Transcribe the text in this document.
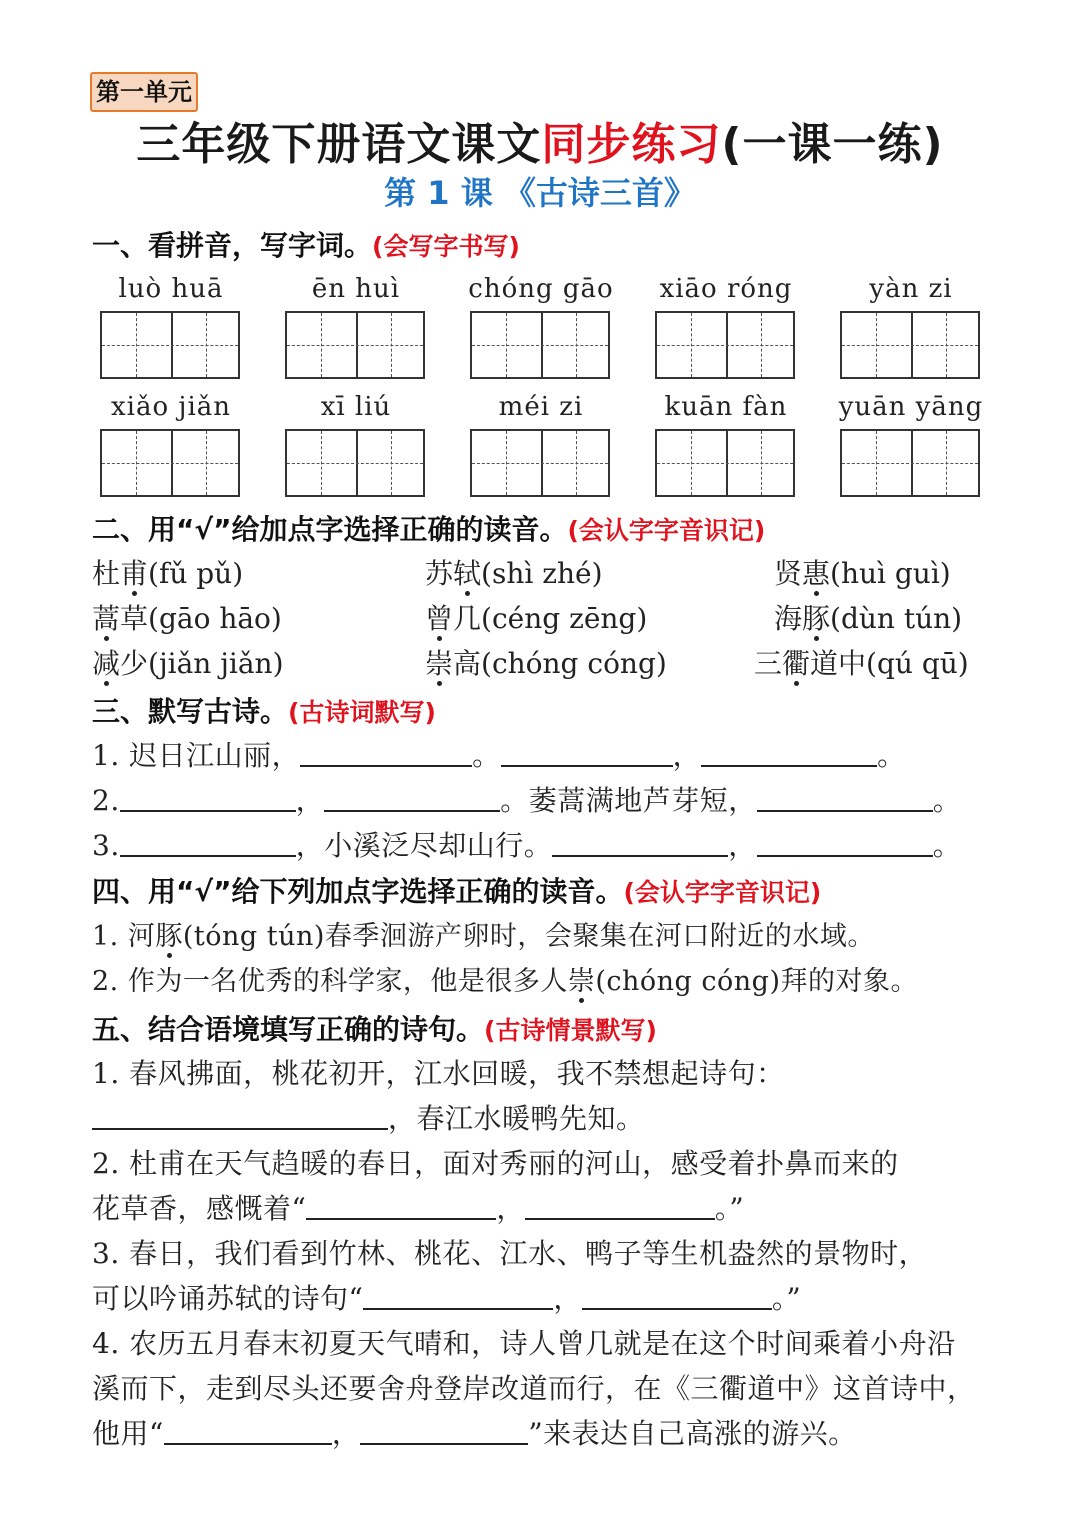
第一单元
三年级下册语文课文同步练习(一课一练)
第 1 课 《古诗三首》
一、看拼音，写字词。(会写字书写)
luò huā	ēn huì	chóng gāo	xiāo róng	yàn zi
xiǎo jiǎn	xī liú	méi zi	kuān fàn	yuān yāng
二、用“√”给加点字选择正确的读音。(会认字字音识记)
杜甫(fǔ pǔ)	苏轼(shì zhé)	贤惠(huì guì)
蒿草(gāo hāo)	曾几(céng zēng)	海豚(dùn tún)
减少(jiǎn jiǎn)	崇高(chóng cóng)	三衢道中(qú qū)
三、默写古诗。(古诗词默写)
1. 迟日江山丽，	。	，	。
2.	，	。萎蒿满地芦芽短，	。
3.	，小溪泛尽却山行。	，	。
四、用“√”给下列加点字选择正确的读音。(会认字字音识记)
1. 河豚(tóng tún)春季洄游产卵时，会聚集在河口附近的水域。
2. 作为一名优秀的科学家，他是很多人崇(chóng cóng)拜的对象。
五、结合语境填写正确的诗句。(古诗情景默写)
1. 春风拂面，桃花初开，江水回暖，我不禁想起诗句：
，春江水暖鸭先知。
2. 杜甫在天气趋暖的春日，面对秀丽的河山，感受着扑鼻而来的
花草香，感慨着“	，	。”
3. 春日，我们看到竹林、桃花、江水、鸭子等生机盎然的景物时，
可以吟诵苏轼的诗句“	，	。”
4. 农历五月春末初夏天气晴和，诗人曾几就是在这个时间乘着小舟沿
溪而下，走到尽头还要舍舟登岸改道而行，在《三衢道中》这首诗中，
他用“	，	”来表达自己高涨的游兴。
